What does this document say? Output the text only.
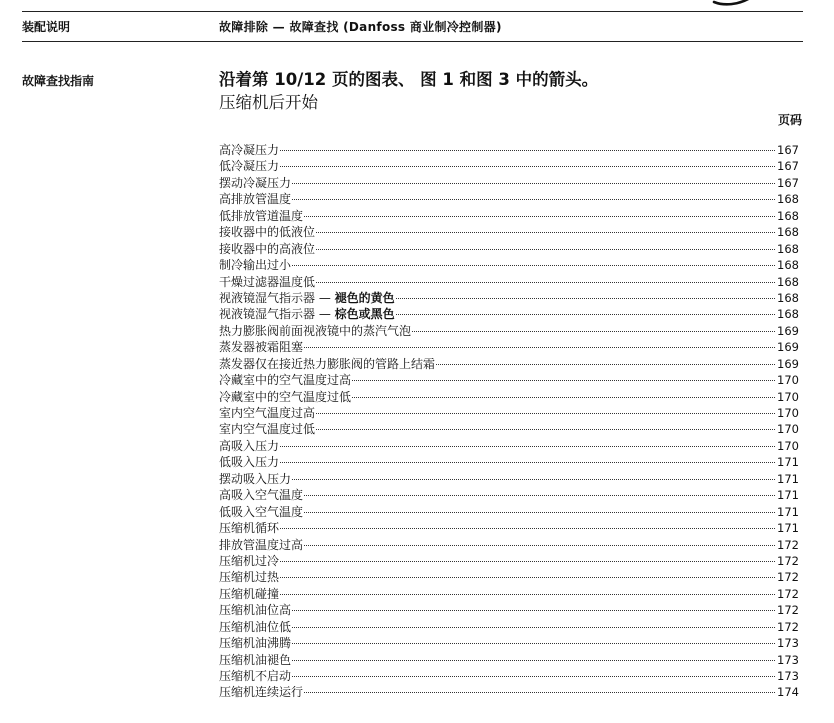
装配说明	故障排除 — 故障查找 (Danfoss 商业制冷控制器)
故障查找指南	沿着第 10/12 页的图表、 图 1 和图 3 中的箭头。
压缩机后开始
页码
高冷凝压力	167
低冷凝压力	167
摆动冷凝压力	167
高排放管温度	168
低排放管道温度	168
接收器中的低液位	168
接收器中的高液位	168
制冷输出过小	168
干燥过滤器温度低	168
视液镜湿气指示器 — 褪色的黄色	168
视液镜湿气指示器 — 棕色或黑色	168
热力膨胀阀前面视液镜中的蒸汽气泡	169
蒸发器被霜阻塞	169
蒸发器仅在接近热力膨胀阀的管路上结霜	169
冷藏室中的空气温度过高	170
冷藏室中的空气温度过低	170
室内空气温度过高	170
室内空气温度过低	170
高吸入压力	170
低吸入压力	171
摆动吸入压力	171
高吸入空气温度	171
低吸入空气温度	171
压缩机循环	171
排放管温度过高	172
压缩机过冷	172
压缩机过热	172
压缩机碰撞	172
压缩机油位高	172
压缩机油位低	172
压缩机油沸腾	173
压缩机油褪色	173
压缩机不启动	173
压缩机连续运行	174
